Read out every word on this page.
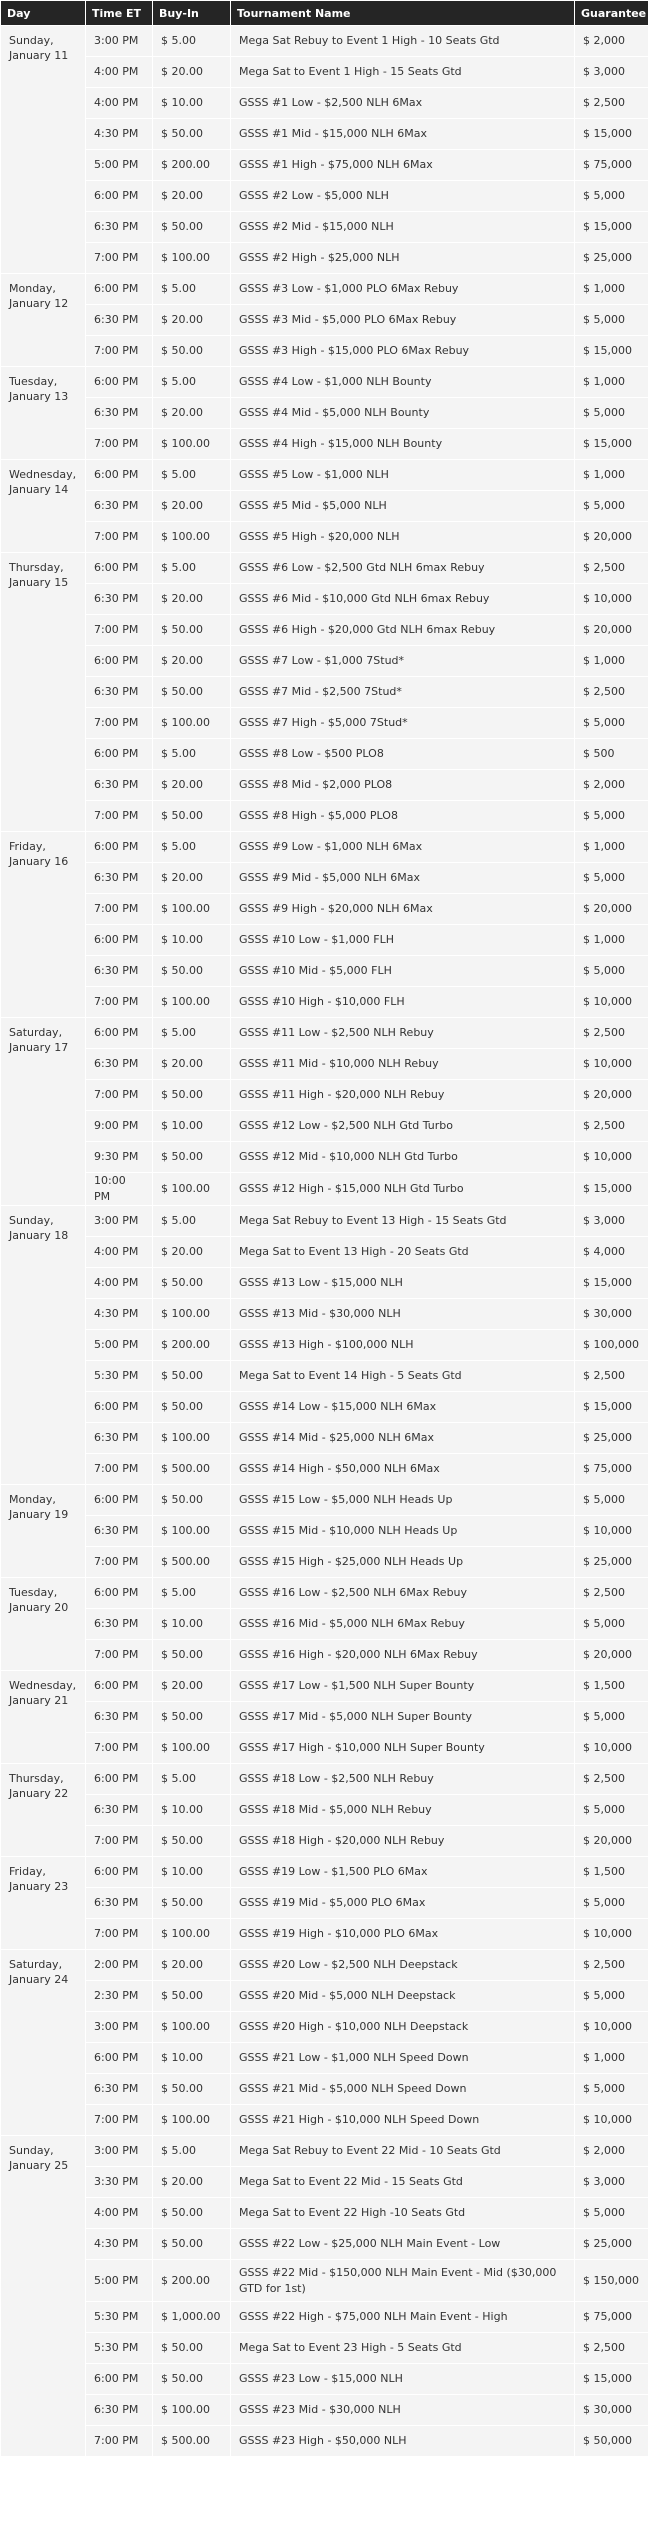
Day	Time ET	Buy-In	Tournament Name	Guarantee
Sunday, January 11	3:00 PM	$ 5.00	Mega Sat Rebuy to Event 1 High - 10 Seats Gtd	$ 2,000
	4:00 PM	$ 20.00	Mega Sat to Event 1 High - 15 Seats Gtd	$ 3,000
	4:00 PM	$ 10.00	GSSS #1 Low - $2,500 NLH 6Max	$ 2,500
	4:30 PM	$ 50.00	GSSS #1 Mid - $15,000 NLH 6Max	$ 15,000
	5:00 PM	$ 200.00	GSSS #1 High - $75,000 NLH 6Max	$ 75,000
	6:00 PM	$ 20.00	GSSS #2 Low - $5,000 NLH	$ 5,000
	6:30 PM	$ 50.00	GSSS #2 Mid - $15,000 NLH	$ 15,000
	7:00 PM	$ 100.00	GSSS #2 High - $25,000 NLH	$ 25,000
Monday, January 12	6:00 PM	$ 5.00	GSSS #3 Low - $1,000 PLO 6Max Rebuy	$ 1,000
	6:30 PM	$ 20.00	GSSS #3 Mid - $5,000 PLO 6Max Rebuy	$ 5,000
	7:00 PM	$ 50.00	GSSS #3 High - $15,000 PLO 6Max Rebuy	$ 15,000
Tuesday, January 13	6:00 PM	$ 5.00	GSSS #4 Low - $1,000 NLH Bounty	$ 1,000
	6:30 PM	$ 20.00	GSSS #4 Mid - $5,000 NLH Bounty	$ 5,000
	7:00 PM	$ 100.00	GSSS #4 High - $15,000 NLH Bounty	$ 15,000
Wednesday, January 14	6:00 PM	$ 5.00	GSSS #5 Low - $1,000 NLH	$ 1,000
	6:30 PM	$ 20.00	GSSS #5 Mid - $5,000 NLH	$ 5,000
	7:00 PM	$ 100.00	GSSS #5 High - $20,000 NLH	$ 20,000
Thursday, January 15	6:00 PM	$ 5.00	GSSS #6 Low - $2,500 Gtd NLH 6max Rebuy	$ 2,500
	6:30 PM	$ 20.00	GSSS #6 Mid - $10,000 Gtd NLH 6max Rebuy	$ 10,000
	7:00 PM	$ 50.00	GSSS #6 High - $20,000 Gtd NLH 6max Rebuy	$ 20,000
	6:00 PM	$ 20.00	GSSS #7 Low - $1,000 7Stud*	$ 1,000
	6:30 PM	$ 50.00	GSSS #7 Mid - $2,500 7Stud*	$ 2,500
	7:00 PM	$ 100.00	GSSS #7 High - $5,000 7Stud*	$ 5,000
	6:00 PM	$ 5.00	GSSS #8 Low - $500 PLO8	$ 500
	6:30 PM	$ 20.00	GSSS #8 Mid - $2,000 PLO8	$ 2,000
	7:00 PM	$ 50.00	GSSS #8 High - $5,000 PLO8	$ 5,000
Friday, January 16	6:00 PM	$ 5.00	GSSS #9 Low - $1,000 NLH 6Max	$ 1,000
	6:30 PM	$ 20.00	GSSS #9 Mid - $5,000 NLH 6Max	$ 5,000
	7:00 PM	$ 100.00	GSSS #9 High - $20,000 NLH 6Max	$ 20,000
	6:00 PM	$ 10.00	GSSS #10 Low - $1,000 FLH	$ 1,000
	6:30 PM	$ 50.00	GSSS #10 Mid - $5,000 FLH	$ 5,000
	7:00 PM	$ 100.00	GSSS #10 High - $10,000 FLH	$ 10,000
Saturday, January 17	6:00 PM	$ 5.00	GSSS #11 Low - $2,500 NLH Rebuy	$ 2,500
	6:30 PM	$ 20.00	GSSS #11 Mid - $10,000 NLH Rebuy	$ 10,000
	7:00 PM	$ 50.00	GSSS #11 High - $20,000 NLH Rebuy	$ 20,000
	9:00 PM	$ 10.00	GSSS #12 Low - $2,500 NLH Gtd Turbo	$ 2,500
	9:30 PM	$ 50.00	GSSS #12 Mid - $10,000 NLH Gtd Turbo	$ 10,000
	10:00 PM	$ 100.00	GSSS #12 High - $15,000 NLH Gtd Turbo	$ 15,000
Sunday, January 18	3:00 PM	$ 5.00	Mega Sat Rebuy to Event 13 High - 15 Seats Gtd	$ 3,000
	4:00 PM	$ 20.00	Mega Sat to Event 13 High - 20 Seats Gtd	$ 4,000
	4:00 PM	$ 50.00	GSSS #13 Low - $15,000 NLH	$ 15,000
	4:30 PM	$ 100.00	GSSS #13 Mid - $30,000 NLH	$ 30,000
	5:00 PM	$ 200.00	GSSS #13 High - $100,000 NLH	$ 100,000
	5:30 PM	$ 50.00	Mega Sat to Event 14 High - 5 Seats Gtd	$ 2,500
	6:00 PM	$ 50.00	GSSS #14 Low - $15,000 NLH 6Max	$ 15,000
	6:30 PM	$ 100.00	GSSS #14 Mid - $25,000 NLH 6Max	$ 25,000
	7:00 PM	$ 500.00	GSSS #14 High - $50,000 NLH 6Max	$ 75,000
Monday, January 19	6:00 PM	$ 50.00	GSSS #15 Low - $5,000 NLH Heads Up	$ 5,000
	6:30 PM	$ 100.00	GSSS #15 Mid - $10,000 NLH Heads Up	$ 10,000
	7:00 PM	$ 500.00	GSSS #15 High - $25,000 NLH Heads Up	$ 25,000
Tuesday, January 20	6:00 PM	$ 5.00	GSSS #16 Low - $2,500 NLH 6Max Rebuy	$ 2,500
	6:30 PM	$ 10.00	GSSS #16 Mid - $5,000 NLH 6Max Rebuy	$ 5,000
	7:00 PM	$ 50.00	GSSS #16 High - $20,000 NLH 6Max Rebuy	$ 20,000
Wednesday, January 21	6:00 PM	$ 20.00	GSSS #17 Low - $1,500 NLH Super Bounty	$ 1,500
	6:30 PM	$ 50.00	GSSS #17 Mid - $5,000 NLH Super Bounty	$ 5,000
	7:00 PM	$ 100.00	GSSS #17 High - $10,000 NLH Super Bounty	$ 10,000
Thursday, January 22	6:00 PM	$ 5.00	GSSS #18 Low - $2,500 NLH Rebuy	$ 2,500
	6:30 PM	$ 10.00	GSSS #18 Mid - $5,000 NLH Rebuy	$ 5,000
	7:00 PM	$ 50.00	GSSS #18 High - $20,000 NLH Rebuy	$ 20,000
Friday, January 23	6:00 PM	$ 10.00	GSSS #19 Low - $1,500 PLO 6Max	$ 1,500
	6:30 PM	$ 50.00	GSSS #19 Mid - $5,000 PLO 6Max	$ 5,000
	7:00 PM	$ 100.00	GSSS #19 High - $10,000 PLO 6Max	$ 10,000
Saturday, January 24	2:00 PM	$ 20.00	GSSS #20 Low - $2,500 NLH Deepstack	$ 2,500
	2:30 PM	$ 50.00	GSSS #20 Mid - $5,000 NLH Deepstack	$ 5,000
	3:00 PM	$ 100.00	GSSS #20 High - $10,000 NLH Deepstack	$ 10,000
	6:00 PM	$ 10.00	GSSS #21 Low - $1,000 NLH Speed Down	$ 1,000
	6:30 PM	$ 50.00	GSSS #21 Mid - $5,000 NLH Speed Down	$ 5,000
	7:00 PM	$ 100.00	GSSS #21 High - $10,000 NLH Speed Down	$ 10,000
Sunday, January 25	3:00 PM	$ 5.00	Mega Sat Rebuy to Event 22 Mid - 10 Seats Gtd	$ 2,000
	3:30 PM	$ 20.00	Mega Sat to Event 22 Mid - 15 Seats Gtd	$ 3,000
	4:00 PM	$ 50.00	Mega Sat to Event 22 High -10 Seats Gtd	$ 5,000
	4:30 PM	$ 50.00	GSSS #22 Low - $25,000 NLH Main Event - Low	$ 25,000
	5:00 PM	$ 200.00	GSSS #22 Mid - $150,000 NLH Main Event - Mid ($30,000 GTD for 1st)	$ 150,000
	5:30 PM	$ 1,000.00	GSSS #22 High - $75,000 NLH Main Event - High	$ 75,000
	5:30 PM	$ 50.00	Mega Sat to Event 23 High - 5 Seats Gtd	$ 2,500
	6:00 PM	$ 50.00	GSSS #23 Low - $15,000 NLH	$ 15,000
	6:30 PM	$ 100.00	GSSS #23 Mid - $30,000 NLH	$ 30,000
	7:00 PM	$ 500.00	GSSS #23 High - $50,000 NLH	$ 50,000
